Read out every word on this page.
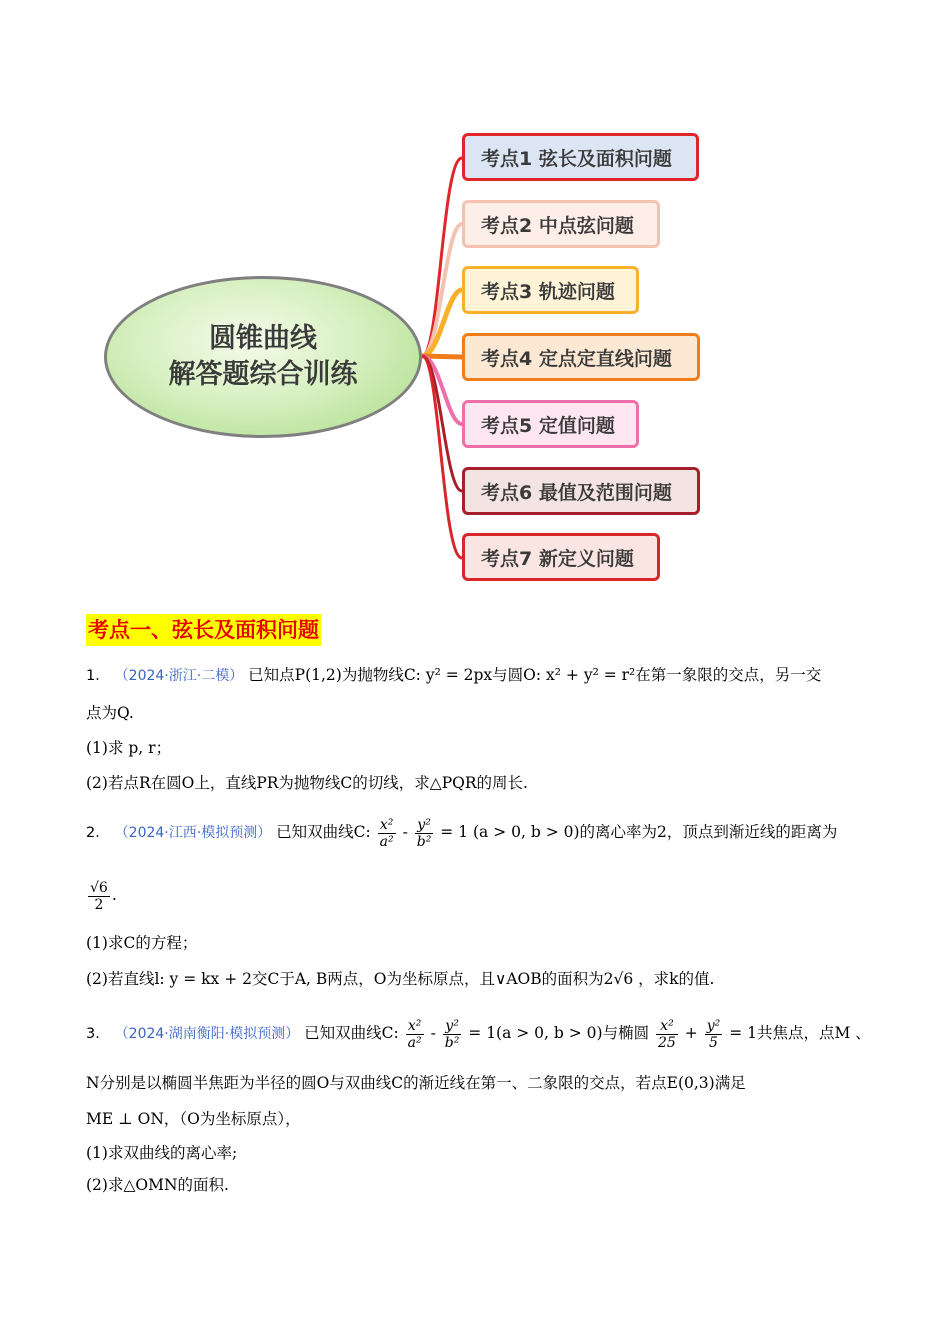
圆锥曲线
解答题综合训练
考点1 弦长及面积问题
考点2 中点弦问题
考点3 轨迹问题
考点4 定点定直线问题
考点5 定值问题
考点6 最值及范围问题
考点7 新定义问题
考点一、弦长及面积问题
1． （2024·浙江·二模） 已知点P(1,2)为抛物线C: y² = 2px与圆O: x² + y² = r²在第一象限的交点，另一交
点为Q.
(1)求 p, r；
(2)若点R在圆O上，直线PR为抛物线C的切线，求△PQR的周长.
2． （2024·江西·模拟预测） 已知双曲线C: $\frac{\text{x²}}{\text{a²}} - \frac{\text{y²}}{\text{b²}} = 1$ (a > 0, b > 0)的离心率为2，顶点到渐近线的距离为
$\frac{√6}{2}$ .
(1)求C的方程；
(2)若直线l: y = kx + 2交C于A, B两点，O为坐标原点，且∨AOB的面积为2√6 ，求k的值.
3． （2024·湖南衡阳·模拟预测） 已知双曲线C: $\frac{\text{x²}}{\text{a²}} - \frac{\text{y²}}{\text{b²}} = 1(a > 0$, b > 0)与椭圆 $\frac{\text{x²}}{25} + \frac{\text{y²}}{5} = 1$共焦点，点M 、
N分别是以椭圆半焦距为半径的圆O与双曲线C的渐近线在第一、二象限的交点，若点E(0,3)满足
ME ⊥ ON，（O为坐标原点），
(1)求双曲线的离心率;
(2)求△OMN的面积.
